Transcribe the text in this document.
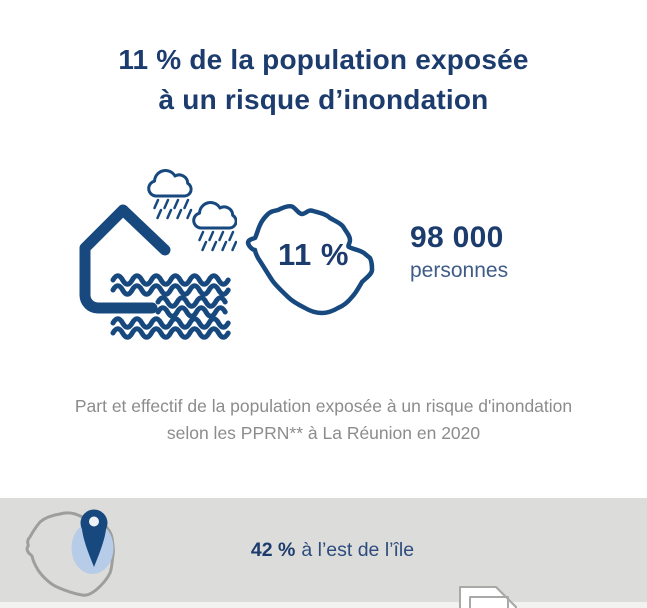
11 % de la population exposée
à un risque d’inondation
11 % 98 000
personnes
Part et effectif de la population exposée à un risque d'inondation
selon les PPRN** à La Réunion en 2020
42 % à l’est de l’île
